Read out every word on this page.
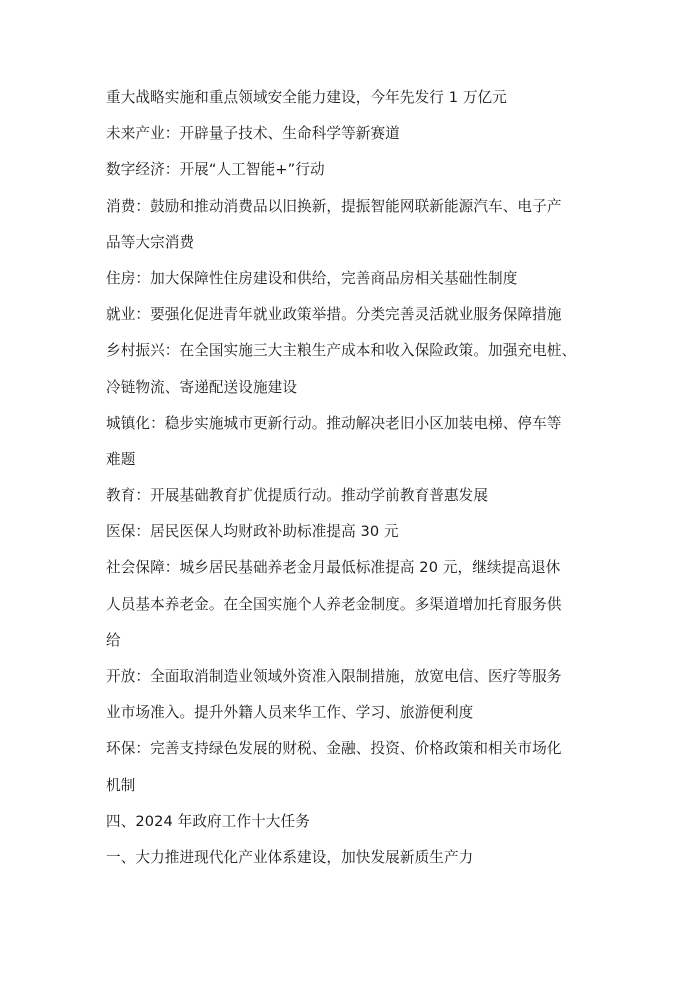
重大战略实施和重点领域安全能力建设，今年先发行 1 万亿元

未来产业：开辟量子技术、生命科学等新赛道

数字经济：开展“人工智能+”行动

消费：鼓励和推动消费品以旧换新，提振智能网联新能源汽车、电子产

品等大宗消费

住房：加大保障性住房建设和供给，完善商品房相关基础性制度

就业：要强化促进青年就业政策举措。分类完善灵活就业服务保障措施

乡村振兴：在全国实施三大主粮生产成本和收入保险政策。加强充电桩、

冷链物流、寄递配送设施建设

城镇化：稳步实施城市更新行动。推动解决老旧小区加装电梯、停车等

难题

教育：开展基础教育扩优提质行动。推动学前教育普惠发展

医保：居民医保人均财政补助标准提高 30 元

社会保障：城乡居民基础养老金月最低标准提高 20 元，继续提高退休

人员基本养老金。在全国实施个人养老金制度。多渠道增加托育服务供

给

开放：全面取消制造业领域外资准入限制措施，放宽电信、医疗等服务

业市场准入。提升外籍人员来华工作、学习、旅游便利度

环保：完善支持绿色发展的财税、金融、投资、价格政策和相关市场化

机制

四、2024 年政府工作十大任务

一、大力推进现代化产业体系建设，加快发展新质生产力
